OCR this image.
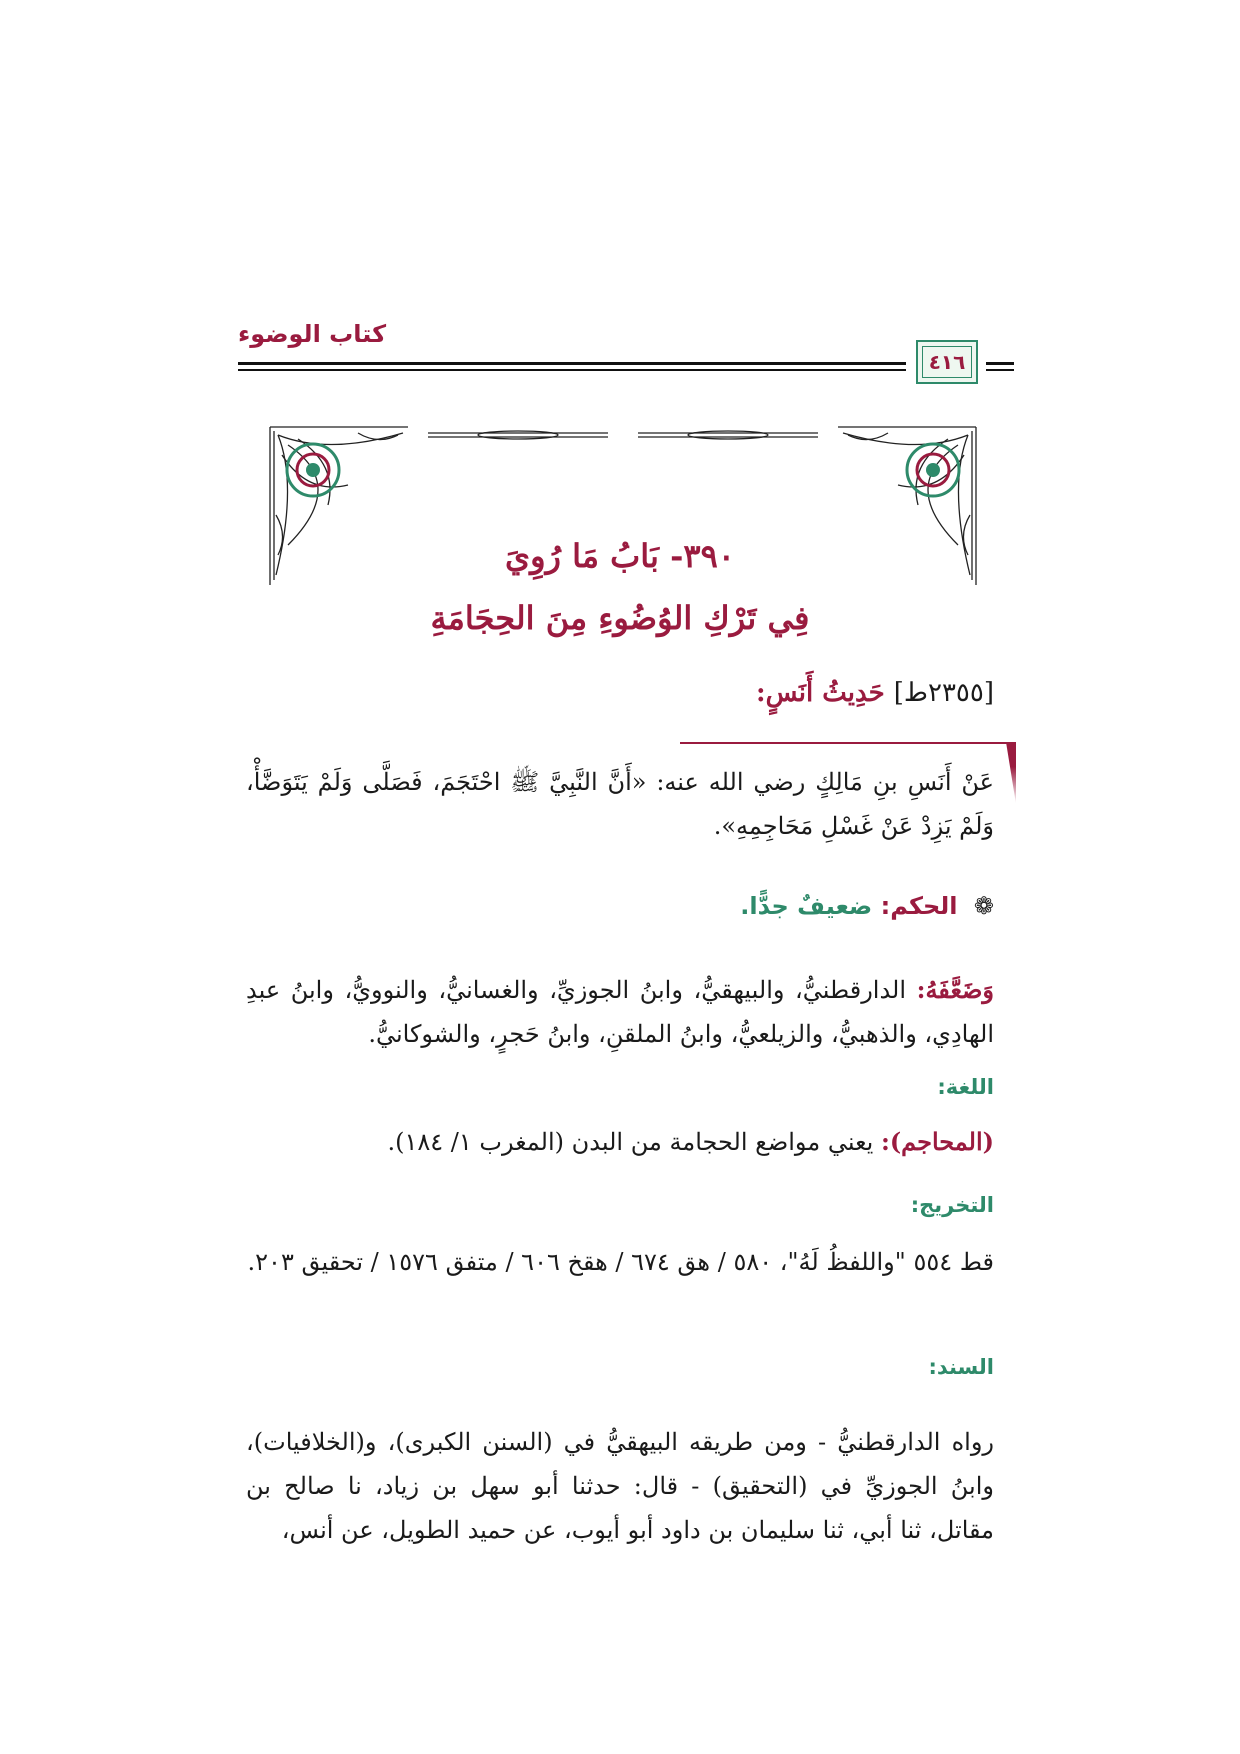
كتاب الوضوء
٤١٦
٣٩٠- بَابُ مَا رُوِيَ
فِي تَرْكِ الوُضُوءِ مِنَ الحِجَامَةِ
[٢٣٥٥ط] حَدِيثُ أَنَسٍ:
عَنْ أَنَسِ بنِ مَالِكٍ رضي الله عنه: «أَنَّ النَّبِيَّ ﷺ احْتَجَمَ، فَصَلَّى وَلَمْ يَتَوَضَّأْ، وَلَمْ يَزِدْ عَنْ غَسْلِ مَحَاجِمِهِ».
❁ الحكم: ضعيفٌ جدًّا.
وَضَعَّفَهُ: الدارقطنيُّ، والبيهقيُّ، وابنُ الجوزيِّ، والغسانيُّ، والنوويُّ، وابنُ عبدِ الهادِي، والذهبيُّ، والزيلعيُّ، وابنُ الملقنِ، وابنُ حَجرٍ، والشوكانيُّ.
اللغة:
(المحاجم): يعني مواضع الحجامة من البدن (المغرب ١/ ١٨٤).
التخريج:
قط ٥٥٤ "واللفظُ لَهُ"، ٥٨٠ / هق ٦٧٤ / هقخ ٦٠٦ / متفق ١٥٧٦ / تحقيق ٢٠٣.
السند:
رواه الدارقطنيُّ - ومن طريقه البيهقيُّ في (السنن الكبرى)، و(الخلافيات)، وابنُ الجوزيِّ في (التحقيق) - قال: حدثنا أبو سهل بن زياد، نا صالح بن مقاتل، ثنا أبي، ثنا سليمان بن داود أبو أيوب، عن حميد الطويل، عن أنس،
